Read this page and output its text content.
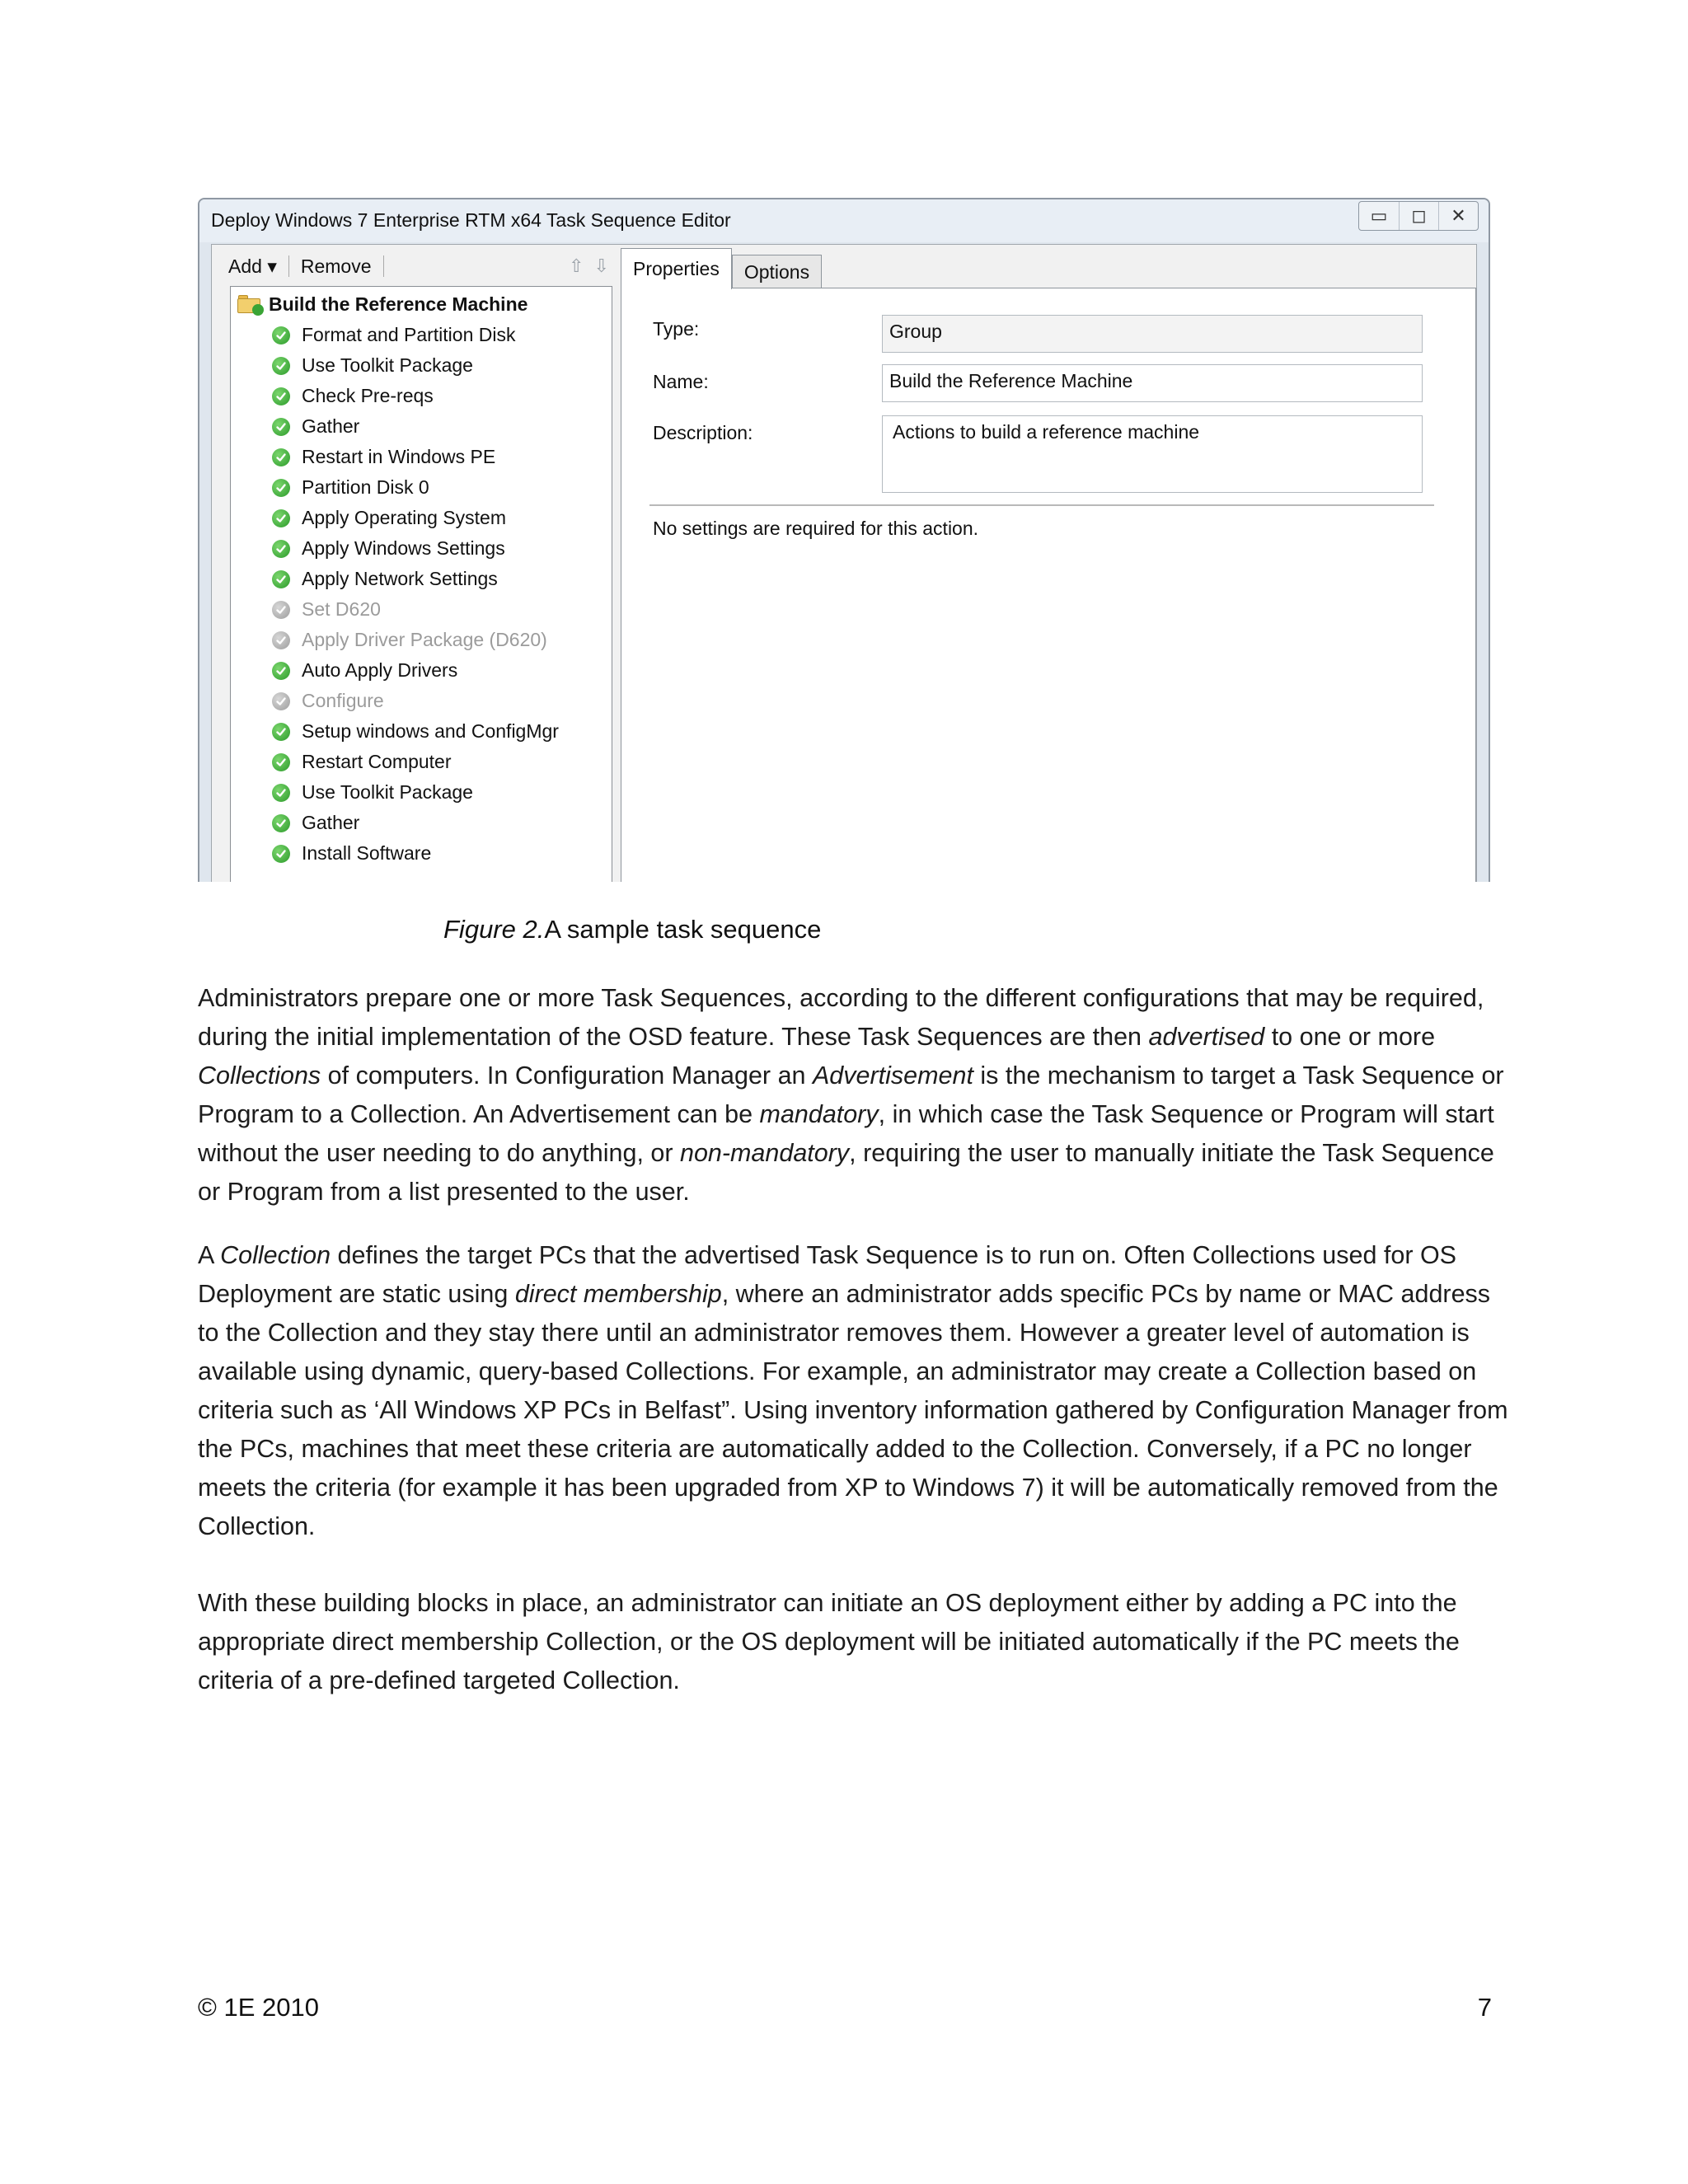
Deploy Windows 7 Enterprise RTM x64 Task Sequence Editor	▭ ◻ ✕
Add ▾	Remove	⇧ ⇩
Build the Reference Machine
Format and Partition Disk
Use Toolkit Package
Check Pre-reqs
Gather
Restart in Windows PE
Partition Disk 0
Apply Operating System
Apply Windows Settings
Apply Network Settings
Set D620
Apply Driver Package (D620)
Auto Apply Drivers
Configure
Setup windows and ConfigMgr
Restart Computer
Use Toolkit Package
Gather
Install Software
Properties	Options
Type:	Group
Name:	Build the Reference Machine
Description:	Actions to build a reference machine
No settings are required for this action.
Figure 2.A sample task sequence

Administrators prepare one or more Task Sequences, according to the different configurations that may be required, during the initial implementation of the OSD feature. These Task Sequences are then advertised to one or more Collections of computers. In Configuration Manager an Advertisement is the mechanism to target a Task Sequence or Program to a Collection. An Advertisement can be mandatory, in which case the Task Sequence or Program will start without the user needing to do anything, or non-mandatory, requiring the user to manually initiate the Task Sequence or Program from a list presented to the user.

A Collection defines the target PCs that the advertised Task Sequence is to run on. Often Collections used for OS Deployment are static using direct membership, where an administrator adds specific PCs by name or MAC address to the Collection and they stay there until an administrator removes them. However a greater level of automation is available using dynamic, query-based Collections. For example, an administrator may create a Collection based on criteria such as ‘All Windows XP PCs in Belfast”. Using inventory information gathered by Configuration Manager from the PCs, machines that meet these criteria are automatically added to the Collection. Conversely, if a PC no longer meets the criteria (for example it has been upgraded from XP to Windows 7) it will be automatically removed from the Collection.

With these building blocks in place, an administrator can initiate an OS deployment either by adding a PC into the appropriate direct membership Collection, or the OS deployment will be initiated automatically if the PC meets the criteria of a pre-defined targeted Collection.

© 1E 2010	7
